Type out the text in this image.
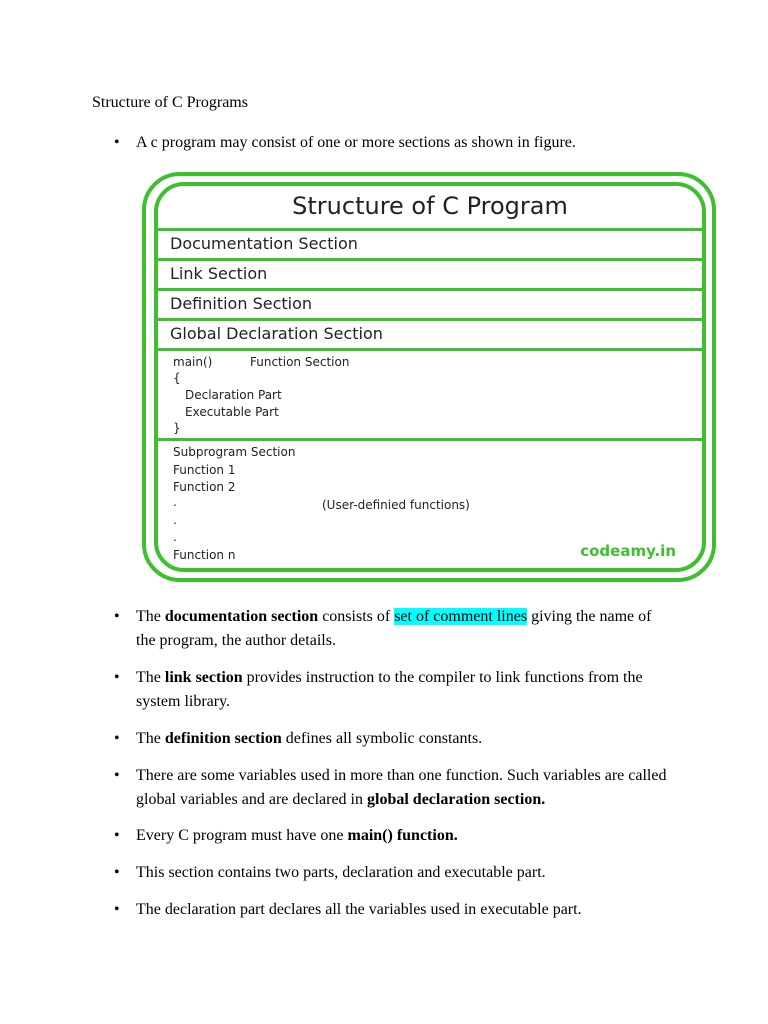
Structure of C Programs
• A c program may consist of one or more sections as shown in figure.
Structure of C Program
Documentation Section
Link Section
Definition Section
Global Declaration Section
main()	Function Section
{
Declaration Part
Executable Part
}
Subprogram Section
Function 1
Function 2
.	(User-definied functions)
.
.
Function n	codeamy.in
• The documentation section consists of set of comment lines giving the name of the program, the author details.
• The link section provides instruction to the compiler to link functions from the system library.
• The definition section defines all symbolic constants.
• There are some variables used in more than one function. Such variables are called global variables and are declared in global declaration section.
• Every C program must have one main() function.
• This section contains two parts, declaration and executable part.
• The declaration part declares all the variables used in executable part.
